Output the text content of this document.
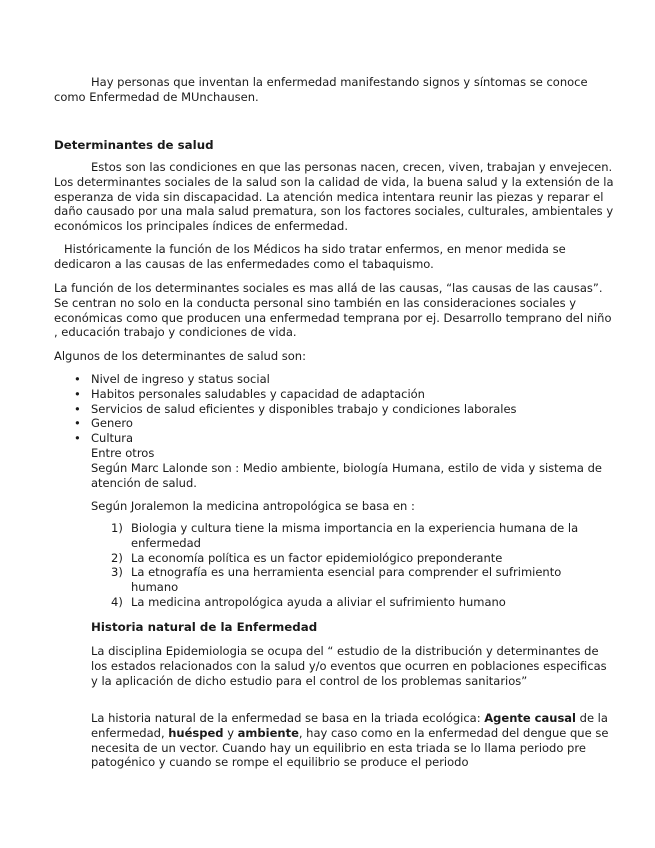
Hay personas que inventan la enfermedad manifestando signos y síntomas se conoce como Enfermedad de MUnchausen.

Determinantes de salud

Estos son las condiciones en que las personas nacen, crecen, viven, trabajan y envejecen. Los determinantes sociales de la salud son la calidad de vida, la buena salud y la extensión de la esperanza de vida sin discapacidad. La atención medica intentara reunir las piezas y reparar el daño causado por una mala salud prematura, son los factores sociales, culturales, ambientales y económicos los principales índices de enfermedad.

Históricamente la función de los Médicos ha sido tratar enfermos, en menor medida se dedicaron a las causas de las enfermedades como el tabaquismo.

La función de los determinantes sociales es mas allá de las causas, “las causas de las causas”. Se centran no solo en la conducta personal sino también en las consideraciones sociales y económicas como que producen una enfermedad temprana por ej. Desarrollo temprano del niño , educación trabajo y condiciones de vida.

Algunos de los determinantes de salud son:

• Nivel de ingreso y status social
• Habitos personales saludables y capacidad de adaptación
• Servicios de salud eficientes y disponibles trabajo y condiciones laborales
• Genero
• Cultura

Entre otros

Según Marc Lalonde son : Medio ambiente, biología Humana, estilo de vida y sistema de atención de salud.

Según Joralemon la medicina antropológica se basa en :

1) Biologia y cultura tiene la misma importancia en la experiencia humana de la enfermedad
2) La economía política es un factor epidemiológico preponderante
3) La etnografía es una herramienta esencial para comprender el sufrimiento humano
4) La medicina antropológica ayuda a aliviar el sufrimiento humano

Historia natural de la Enfermedad

La disciplina Epidemiologia se ocupa del “ estudio de la distribución y determinantes de los estados relacionados con la salud y/o eventos que ocurren en poblaciones especificas y la aplicación de dicho estudio para el control de los problemas sanitarios”

La historia natural de la enfermedad se basa en la triada ecológica: Agente causal de la enfermedad, huésped y ambiente, hay caso como en la enfermedad del dengue que se necesita de un vector. Cuando hay un equilibrio en esta triada se lo llama periodo pre patogénico y cuando se rompe el equilibrio se produce el periodo
